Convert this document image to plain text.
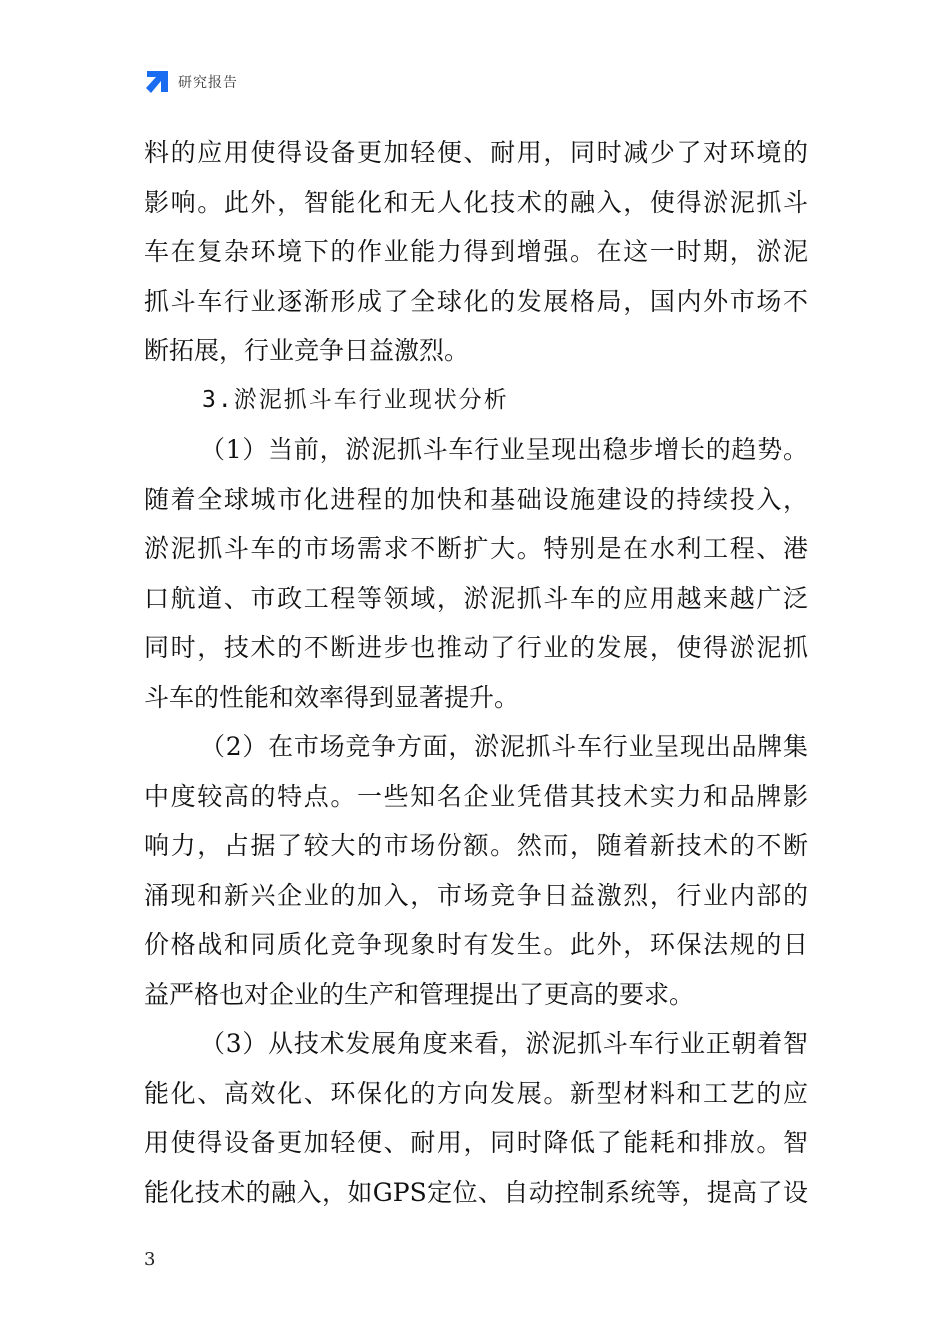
研究报告
料的应用使得设备更加轻便、耐用，同时减少了对环境的
影响。此外，智能化和无人化技术的融入，使得淤泥抓斗
车在复杂环境下的作业能力得到增强。在这一时期，淤泥
抓斗车行业逐渐形成了全球化的发展格局，国内外市场不
断拓展，行业竞争日益激烈。
3.淤泥抓斗车行业现状分析
（1）当前，淤泥抓斗车行业呈现出稳步增长的趋势。
随着全球城市化进程的加快和基础设施建设的持续投入，
淤泥抓斗车的市场需求不断扩大。特别是在水利工程、港
口航道、市政工程等领域，淤泥抓斗车的应用越来越广泛
同时，技术的不断进步也推动了行业的发展，使得淤泥抓
斗车的性能和效率得到显著提升。
（2）在市场竞争方面，淤泥抓斗车行业呈现出品牌集
中度较高的特点。一些知名企业凭借其技术实力和品牌影
响力，占据了较大的市场份额。然而，随着新技术的不断
涌现和新兴企业的加入，市场竞争日益激烈，行业内部的
价格战和同质化竞争现象时有发生。此外，环保法规的日
益严格也对企业的生产和管理提出了更高的要求。
（3）从技术发展角度来看，淤泥抓斗车行业正朝着智
能化、高效化、环保化的方向发展。新型材料和工艺的应
用使得设备更加轻便、耐用，同时降低了能耗和排放。智
能化技术的融入，如GPS定位、自动控制系统等，提高了设
3
